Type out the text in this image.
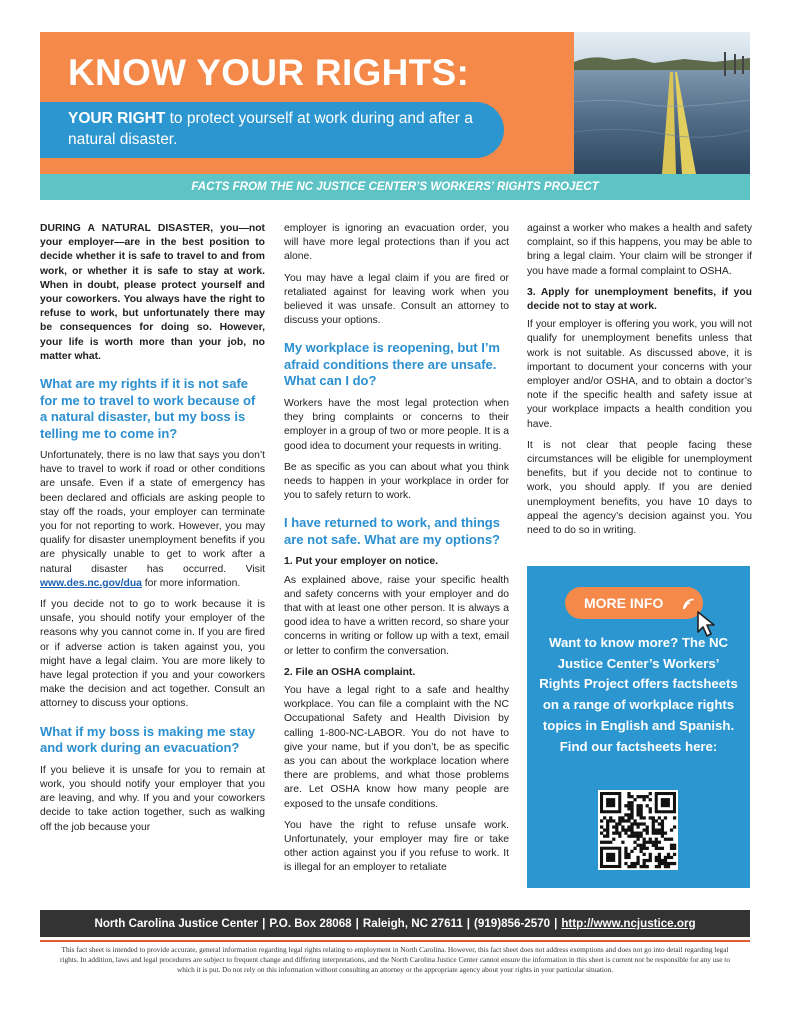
KNOW YOUR RIGHTS:
YOUR RIGHT to protect yourself at work during and after a natural disaster.
FACTS FROM THE NC JUSTICE CENTER’S WORKERS’ RIGHTS PROJECT

DURING A NATURAL DISASTER, you—not your employer—are in the best position to decide whether it is safe to travel to and from work, or whether it is safe to stay at work. When in doubt, please protect yourself and your coworkers. You always have the right to refuse to work, but unfortunately there may be consequences for doing so. However, your life is worth more than your job, no matter what.

What are my rights if it is not safe for me to travel to work because of a natural disaster, but my boss is telling me to come in?

Unfortunately, there is no law that says you don’t have to travel to work if road or other conditions are unsafe. Even if a state of emergency has been declared and officials are asking people to stay off the roads, your employer can terminate you for not reporting to work. However, you may qualify for disaster unemployment benefits if you are physically unable to get to work after a natural disaster has occurred. Visit www.des.nc.gov/dua for more information.

If you decide not to go to work because it is unsafe, you should notify your employer of the reasons why you cannot come in. If you are fired or if adverse action is taken against you, you might have a legal claim. You are more likely to have legal protection if you and your coworkers make the decision and act together. Consult an attorney to discuss your options.

What if my boss is making me stay and work during an evacuation?

If you believe it is unsafe for you to remain at work, you should notify your employer that you are leaving, and why. If you and your coworkers decide to take action together, such as walking off the job because your

employer is ignoring an evacuation order, you will have more legal protections than if you act alone.

You may have a legal claim if you are fired or retaliated against for leaving work when you believed it was unsafe. Consult an attorney to discuss your options.

My workplace is reopening, but I’m afraid conditions there are unsafe. What can I do?

Workers have the most legal protection when they bring complaints or concerns to their employer in a group of two or more people. It is a good idea to document your requests in writing.

Be as specific as you can about what you think needs to happen in your workplace in order for you to safely return to work.

I have returned to work, and things are not safe. What are my options?

1. Put your employer on notice.

As explained above, raise your specific health and safety concerns with your employer and do that with at least one other person. It is always a good idea to have a written record, so share your concerns in writing or follow up with a text, email or letter to confirm the conversation.

2. File an OSHA complaint.

You have a legal right to a safe and healthy workplace. You can file a complaint with the NC Occupational Safety and Health Division by calling 1-800-NC-LABOR. You do not have to give your name, but if you don’t, be as specific as you can about the workplace location where there are problems, and what those problems are. Let OSHA know how many people are exposed to the unsafe conditions.

You have the right to refuse unsafe work. Unfortunately, your employer may fire or take other action against you if you refuse to work. It is illegal for an employer to retaliate

against a worker who makes a health and safety complaint, so if this happens, you may be able to bring a legal claim. Your claim will be stronger if you have made a formal complaint to OSHA.

3. Apply for unemployment benefits, if you decide not to stay at work.

If your employer is offering you work, you will not qualify for unemployment benefits unless that work is not suitable. As discussed above, it is important to document your concerns with your employer and/or OSHA, and to obtain a doctor’s note if the specific health and safety issue at your workplace impacts a health condition you have.

It is not clear that people facing these circumstances will be eligible for unemployment benefits, but if you decide not to continue to work, you should apply. If you are denied unemployment benefits, you have 10 days to appeal the agency’s decision against you. You need to do so in writing.

MORE INFO
Want to know more? The NC Justice Center’s Workers’ Rights Project offers factsheets on a range of workplace rights topics in English and Spanish. Find our factsheets here:
North Carolina Justice Center | P.O. Box 28068 | Raleigh, NC 27611 | (919)856-2570 | http://www.ncjustice.org
This fact sheet is intended to provide accurate, general information regarding legal rights relating to employment in North Carolina. However, this fact sheet does not address exemptions and does not go into detail regarding legal rights. In addition, laws and legal procedures are subject to frequent change and differing interpretations, and the North Carolina Justice Center cannot ensure the information in this sheet is current nor be responsible for any use to which it is put. Do not rely on this information without consulting an attorney or the appropriate agency about your rights in your particular situation.
